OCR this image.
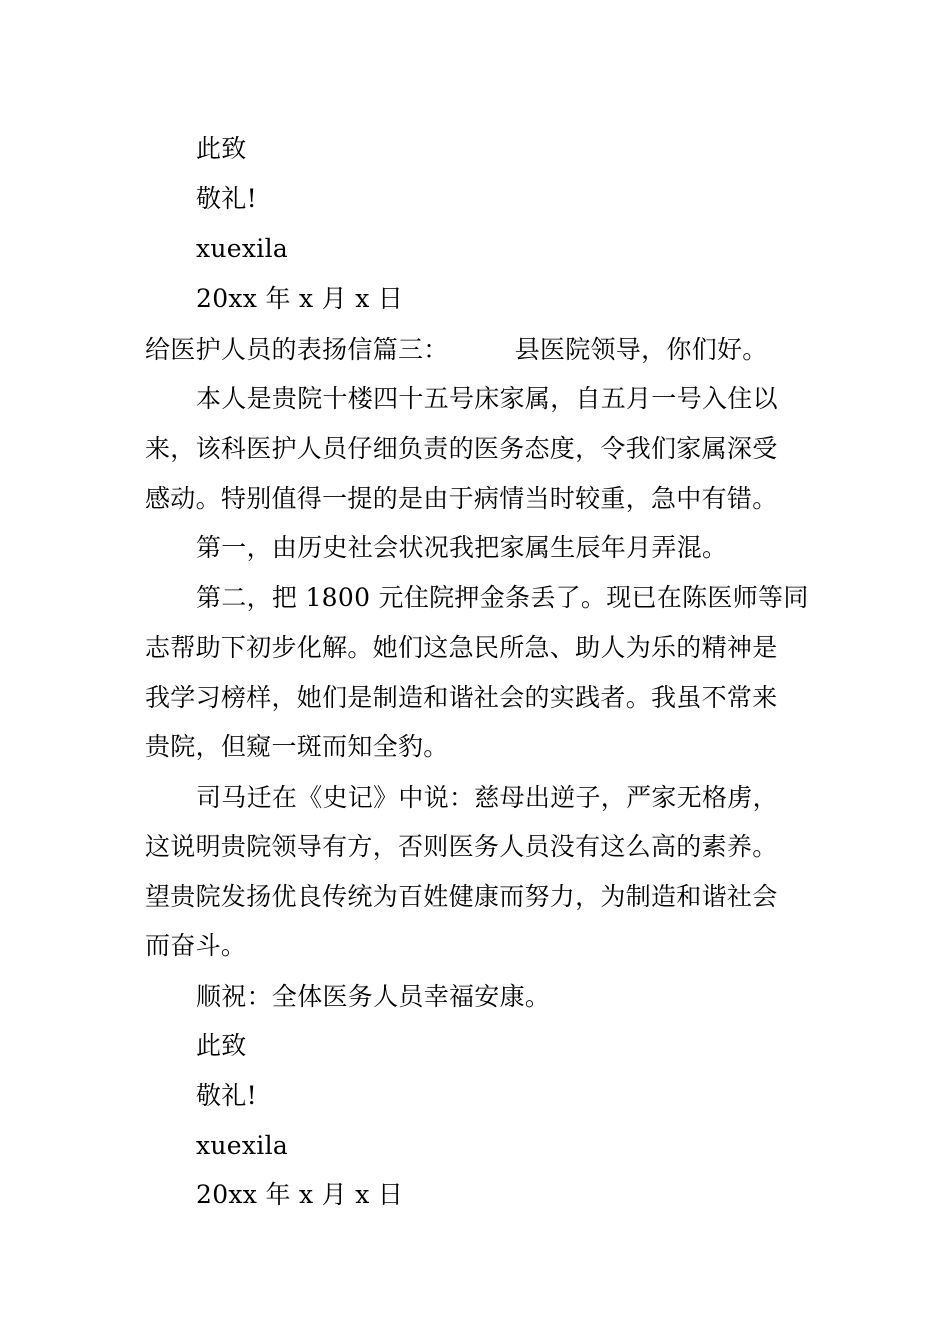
此致
敬礼!
xuexila
20xx 年 x 月 x 日
给医护人员的表扬信篇三：	县医院领导，你们好。
本人是贵院十楼四十五号床家属，自五月一号入住以
来，该科医护人员仔细负责的医务态度，令我们家属深受
感动。特别值得一提的是由于病情当时较重，急中有错。
第一，由历史社会状况我把家属生辰年月弄混。
第二，把 1800 元住院押金条丢了。现已在陈医师等同
志帮助下初步化解。她们这急民所急、助人为乐的精神是
我学习榜样，她们是制造和谐社会的实践者。我虽不常来
贵院，但窥一斑而知全豹。
司马迁在《史记》中说：慈母出逆子，严家无格虏，
这说明贵院领导有方，否则医务人员没有这么高的素养。
望贵院发扬优良传统为百姓健康而努力，为制造和谐社会
而奋斗。
顺祝：全体医务人员幸福安康。
此致
敬礼!
xuexila
20xx 年 x 月 x 日
